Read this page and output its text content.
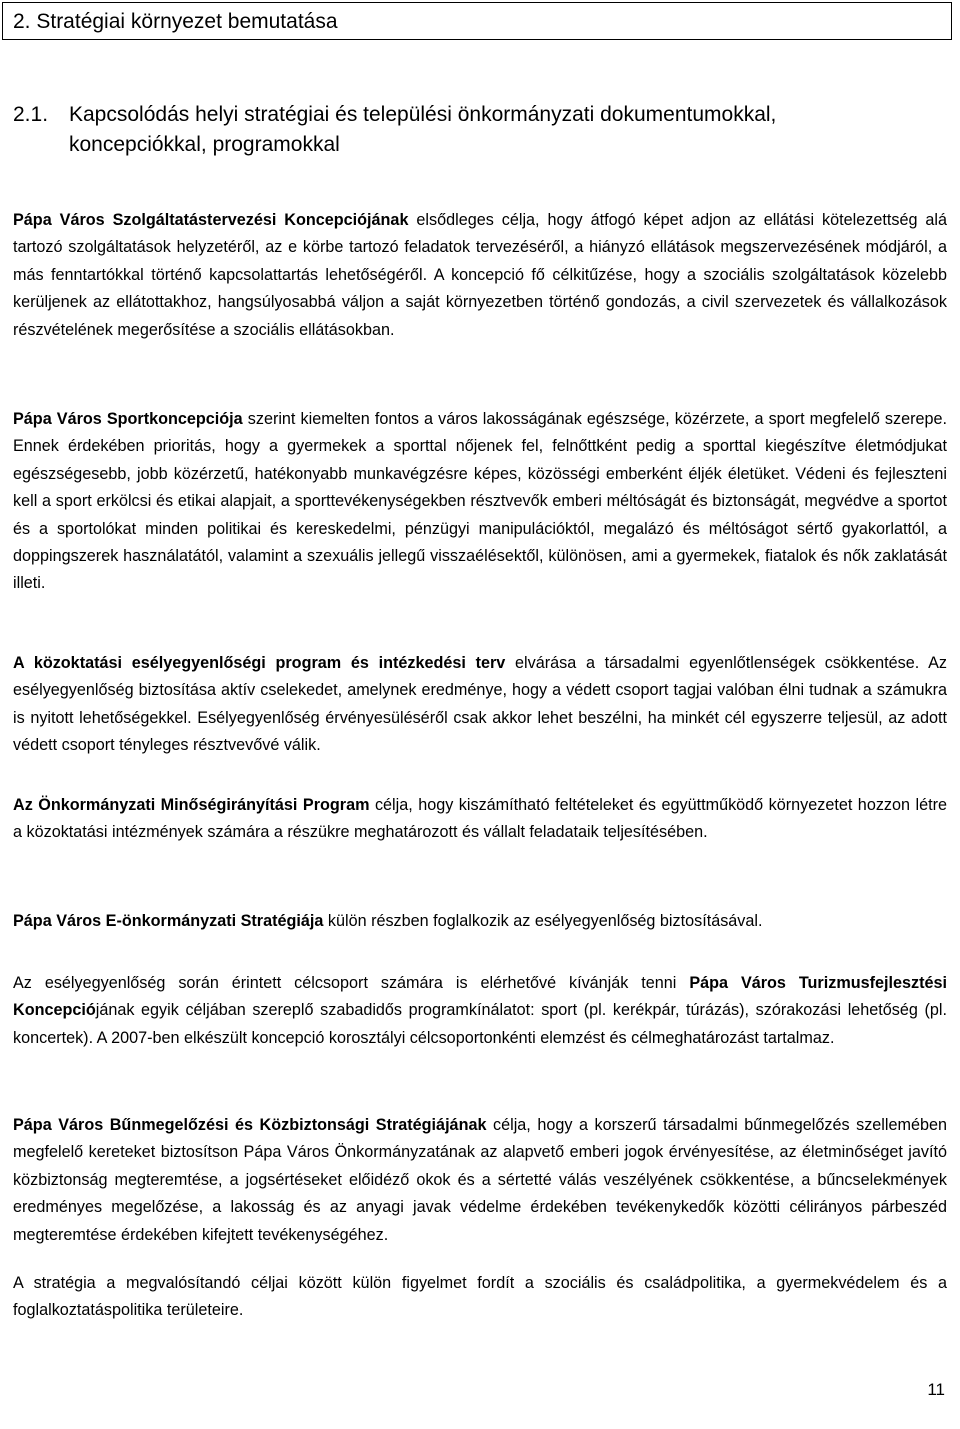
2. Stratégiai környezet bemutatása
2.1. Kapcsolódás helyi stratégiai és települési önkormányzati dokumentumokkal,
koncepciókkal, programokkal

Pápa Város Szolgáltatástervezési Koncepciójának elsődleges célja, hogy átfogó képet adjon az ellátási kötelezettség alá tartozó szolgáltatások helyzetéről, az e körbe tartozó feladatok tervezéséről, a hiányzó ellátások megszervezésének módjáról, a más fenntartókkal történő kapcsolattartás lehetőségéről. A koncepció fő célkitűzése, hogy a szociális szolgáltatások közelebb kerüljenek az ellátottakhoz, hangsúlyosabbá váljon a saját környezetben történő gondozás, a civil szervezetek és vállalkozások részvételének megerősítése a szociális ellátásokban.

Pápa Város Sportkoncepciója szerint kiemelten fontos a város lakosságának egészsége, közérzete, a sport megfelelő szerepe. Ennek érdekében prioritás, hogy a gyermekek a sporttal nőjenek fel, felnőttként pedig a sporttal kiegészítve életmódjukat egészségesebb, jobb közérzetű, hatékonyabb munkavégzésre képes, közösségi emberként éljék életüket. Védeni és fejleszteni kell a sport erkölcsi és etikai alapjait, a sporttevékenységekben résztvevők emberi méltóságát és biztonságát, megvédve a sportot és a sportolókat minden politikai és kereskedelmi, pénzügyi manipulációktól, megalázó és méltóságot sértő gyakorlattól, a doppingszerek használatától, valamint a szexuális jellegű visszaélésektől, különösen, ami a gyermekek, fiatalok és nők zaklatását illeti.

A közoktatási esélyegyenlőségi program és intézkedési terv elvárása a társadalmi egyenlőtlenségek csökkentése. Az esélyegyenlőség biztosítása aktív cselekedet, amelynek eredménye, hogy a védett csoport tagjai valóban élni tudnak a számukra is nyitott lehetőségekkel. Esélyegyenlőség érvényesüléséről csak akkor lehet beszélni, ha minkét cél egyszerre teljesül, az adott védett csoport tényleges résztvevővé válik.

Az Önkormányzati Minőségirányítási Program célja, hogy kiszámítható feltételeket és együttműködő környezetet hozzon létre a közoktatási intézmények számára a részükre meghatározott és vállalt feladataik teljesítésében.

Pápa Város E-önkormányzati Stratégiája külön részben foglalkozik az esélyegyenlőség biztosításával.

Az esélyegyenlőség során érintett célcsoport számára is elérhetővé kívánják tenni Pápa Város Turizmusfejlesztési Koncepciójának egyik céljában szereplő szabadidős programkínálatot: sport (pl. kerékpár, túrázás), szórakozási lehetőség (pl. koncertek). A 2007-ben elkészült koncepció korosztályi célcsoportonkénti elemzést és célmeghatározást tartalmaz.

Pápa Város Bűnmegelőzési és Közbiztonsági Stratégiájának célja, hogy a korszerű társadalmi bűnmegelőzés szellemében megfelelő kereteket biztosítson Pápa Város Önkormányzatának az alapvető emberi jogok érvényesítése, az életminőséget javító közbiztonság megteremtése, a jogsértéseket előidéző okok és a sértetté válás veszélyének csökkentése, a bűncselekmények eredményes megelőzése, a lakosság és az anyagi javak védelme érdekében tevékenykedők közötti célirányos párbeszéd megteremtése érdekében kifejtett tevékenységéhez.

A stratégia a megvalósítandó céljai között külön figyelmet fordít a szociális és családpolitika, a gyermekvédelem és a foglalkoztatáspolitika területeire.

11
